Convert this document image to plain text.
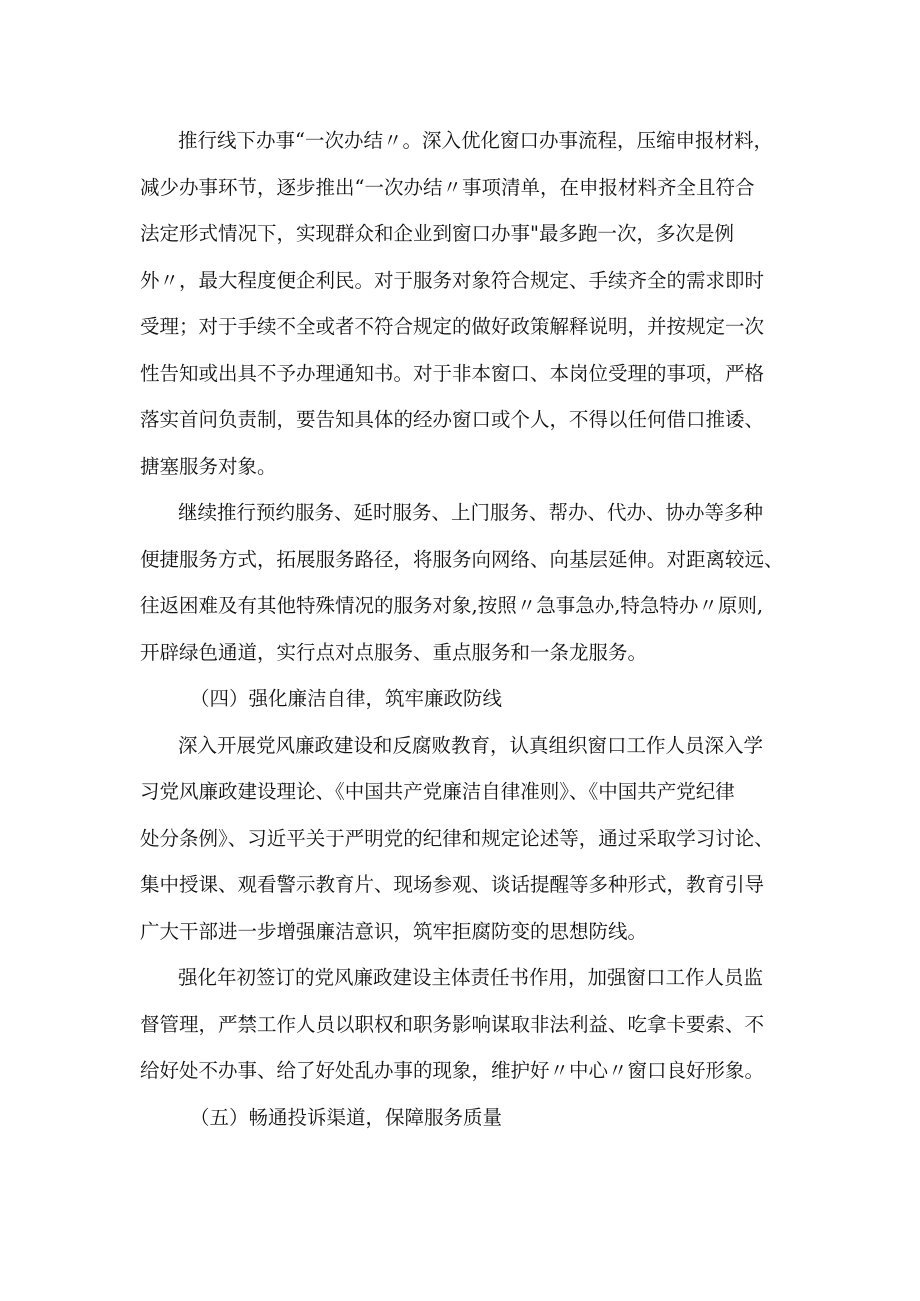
推行线下办事“一次办结〃。深入优化窗口办事流程，压缩申报材料，
减少办事环节，逐步推出“一次办结〃事项清单，在申报材料齐全且符合
法定形式情况下，实现群众和企业到窗口办事"最多跑一次，多次是例
外〃，最大程度便企利民。对于服务对象符合规定、手续齐全的需求即时
受理；对于手续不全或者不符合规定的做好政策解释说明，并按规定一次
性告知或出具不予办理通知书。对于非本窗口、本岗位受理的事项，严格
落实首问负责制，要告知具体的经办窗口或个人，不得以任何借口推诿、
搪塞服务对象。
继续推行预约服务、延时服务、上门服务、帮办、代办、协办等多种
便捷服务方式，拓展服务路径，将服务向网络、向基层延伸。对距离较远、
往返困难及有其他特殊情况的服务对象,按照〃急事急办,特急特办〃原则,
开辟绿色通道，实行点对点服务、重点服务和一条龙服务。
（四）强化廉洁自律，筑牢廉政防线
深入开展党风廉政建设和反腐败教育，认真组织窗口工作人员深入学
习党风廉政建设理论、《中国共产党廉洁自律准则》、《中国共产党纪律
处分条例》、习近平关于严明党的纪律和规定论述等，通过采取学习讨论、
集中授课、观看警示教育片、现场参观、谈话提醒等多种形式，教育引导
广大干部进一步增强廉洁意识，筑牢拒腐防变的思想防线。
强化年初签订的党风廉政建设主体责任书作用，加强窗口工作人员监
督管理，严禁工作人员以职权和职务影响谋取非法利益、吃拿卡要索、不
给好处不办事、给了好处乱办事的现象，维护好〃中心〃窗口良好形象。
（五）畅通投诉渠道，保障服务质量
